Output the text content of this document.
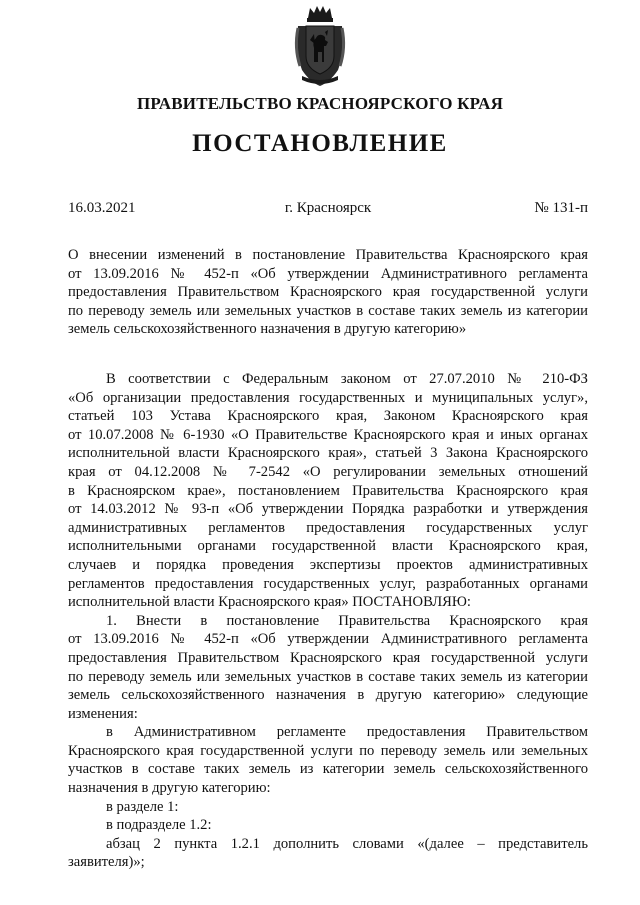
ПРАВИТЕЛЬСТВО КРАСНОЯРСКОГО КРАЯ
ПОСТАНОВЛЕНИЕ
16.03.2021	г. Красноярск	№ 131-п
О внесении изменений в постановление Правительства Красноярского края
от 13.09.2016 № 452-п «Об утверждении Административного регламента
предоставления Правительством Красноярского края государственной услуги
по переводу земель или земельных участков в составе таких земель из категории
земель сельскохозяйственного назначения в другую категорию»
В соответствии с Федеральным законом от 27.07.2010 № 210-ФЗ
«Об организации предоставления государственных и муниципальных услуг»,
статьей 103 Устава Красноярского края, Законом Красноярского края
от 10.07.2008 № 6-1930 «О Правительстве Красноярского края и иных органах
исполнительной власти Красноярского края», статьей 3 Закона Красноярского
края от 04.12.2008 № 7-2542 «О регулировании земельных отношений
в Красноярском крае», постановлением Правительства Красноярского края
от 14.03.2012 № 93-п «Об утверждении Порядка разработки и утверждения
административных регламентов предоставления государственных услуг
исполнительными органами государственной власти Красноярского края,
случаев и порядка проведения экспертизы проектов административных
регламентов предоставления государственных услуг, разработанных органами
исполнительной власти Красноярского края» ПОСТАНОВЛЯЮ:
1. Внести в постановление Правительства Красноярского края
от 13.09.2016 № 452-п «Об утверждении Административного регламента
предоставления Правительством Красноярского края государственной услуги
по переводу земель или земельных участков в составе таких земель из категории
земель сельскохозяйственного назначения в другую категорию» следующие
изменения:
в Административном регламенте предоставления Правительством
Красноярского края государственной услуги по переводу земель или земельных
участков в составе таких земель из категории земель сельскохозяйственного
назначения в другую категорию:
в разделе 1:
в подразделе 1.2:
абзац 2 пункта 1.2.1 дополнить словами «(далее – представитель
заявителя)»;
